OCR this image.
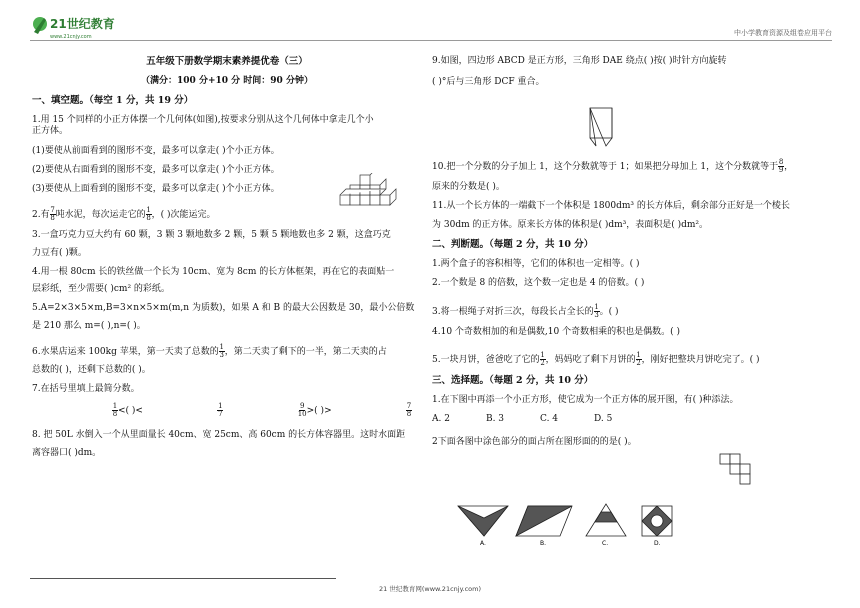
21世纪教育
www.21cnjy.com	中小学教育资源及组卷应用平台
五年级下册数学期末素养提优卷（三）
（满分：100 分+10 分 时间：90 分钟）
一、填空题。（每空 1 分，共 19 分）
1.用 15 个同样的小正方体摆一个几何体(如图),按要求分别从这个几何体中拿走几个小
正方体。
(1)要使从前面看到的图形不变，最多可以拿走( )个小正方体。
(2)要使从右面看到的图形不变，最多可以拿走( )个小正方体。
(3)要使从上面看到的图形不变，最多可以拿走( )个小正方体。
2.有 $\frac{7}{8}$ 吨水泥，每次运走它的 $\frac{1}{8}$ ，( )次能运完。
3.一盒巧克力豆大约有 60 颗，3 颗 3 颗地数多 2 颗，5 颗 5 颗地数也多 2 颗，这盒巧克
力豆有( )颗。
4.用一根 80cm 长的铁丝做一个长为 10cm、宽为 8cm 的长方体框架，再在它的表面贴一
层彩纸，至少需要( )cm² 的彩纸。
5.A=2×3×5×m,B=3×n×5×m(m,n 为质数)，如果 A 和 B 的最大公因数是 30，最小公倍数
是 210 那么 m=( ),n=( )。
6.水果店运来 100kg 苹果，第一天卖了总数的 $\frac{1}{3}$ ，第二天卖了剩下的一半，第二天卖的占
总数的( )，还剩下总数的( )。
7.在括号里填上最简分数。
$\frac{1}{8}$ <( )<	$\frac{1}{7}$	$\frac{9}{10}$ >( )>	$\frac{7}{8}$
8. 把 50L 水倒入一个从里面量长 40cm、宽 25cm、高 60cm 的长方体容器里。这时水面距
离容器口( )dm。
9.如图，四边形 ABCD 是正方形，三角形 DAE 绕点( )按( )时针方向旋转
( )°后与三角形 DCF 重合。
10.把一个分数的分子加上 1，这个分数就等于 1；如果把分母加上 1，这个分数就等于 $\frac{8}{9}$ ，
原来的分数是( )。
11.从一个长方体的一端截下一个体积是 1800dm³ 的长方体后，剩余部分正好是一个棱长
为 30dm 的正方体。原来长方体的体积是( )dm³，表面积是( )dm²。
二、判断题。（每题 2 分，共 10 分）
1.两个盒子的容积相等，它们的体积也一定相等。( )
2.一个数是 8 的倍数，这个数一定也是 4 的倍数。( )
3.将一根绳子对折三次，每段长占全长的 $\frac{1}{3}$ 。( )
4.10 个奇数相加的和是偶数,10 个奇数相乘的积也是偶数。( )
5.一块月饼，爸爸吃了它的 $\frac{1}{2}$ ，妈妈吃了剩下月饼的 $\frac{1}{2}$ ，刚好把整块月饼吃完了。( )
三、选择题。（每题 2 分，共 10 分）
1.在下图中再添一个小正方形，使它成为一个正方体的展开图，有( )种添法。
A. 2	B. 3	C. 4	D. 5
2下面各图中涂色部分的面占所在图形面的的是( )。
A.	B.	C.	D.
21 世纪教育网(www.21cnjy.com)
